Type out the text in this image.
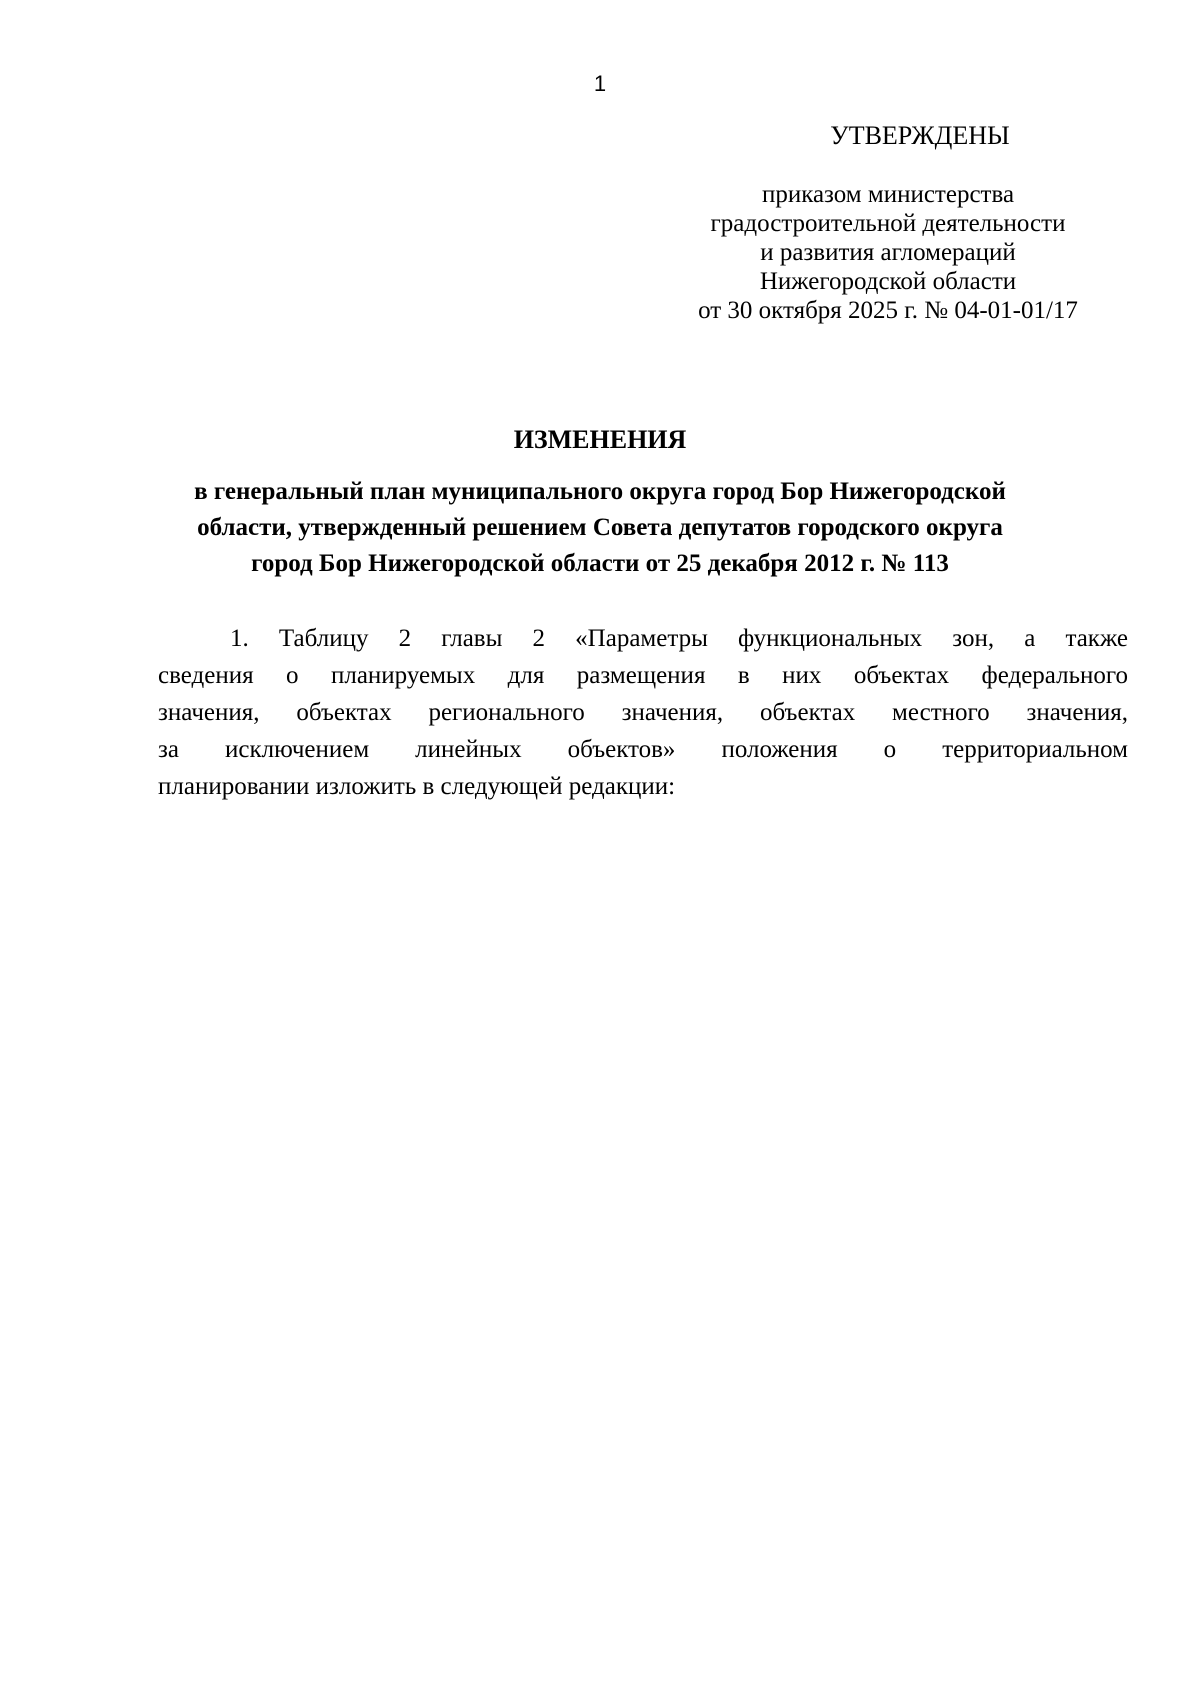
1
УТВЕРЖДЕНЫ
приказом министерства
градостроительной деятельности
и развития агломераций
Нижегородской области
от 30 октября 2025 г. № 04-01-01/17
ИЗМЕНЕНИЯ
в генеральный план муниципального округа город Бор Нижегородской
области, утвержденный решением Совета депутатов городского округа
город Бор Нижегородской области от 25 декабря 2012 г. № 113
1. Таблицу 2 главы 2 «Параметры функциональных зон, а также
сведения о планируемых для размещения в них объектах федерального
значения, объектах регионального значения, объектах местного значения,
за исключением линейных объектов» положения о территориальном
планировании изложить в следующей редакции:
